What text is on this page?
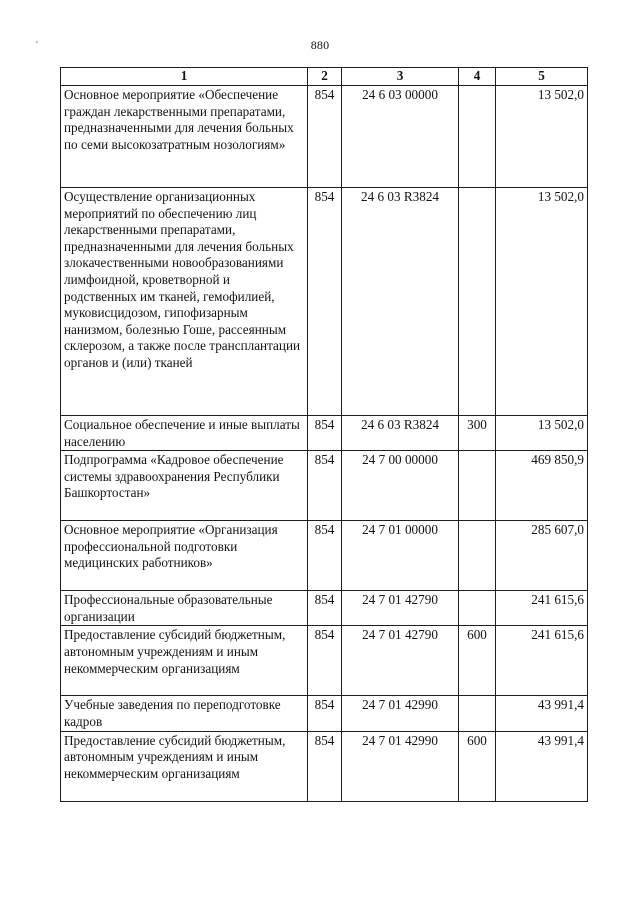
880
'
1	2	3	4	5
Основное мероприятие «Обеспечение граждан лекарственными препаратами, предназначенными для лечения больных по семи высокозатратным нозологиям»	854	24 6 03 00000		13 502,0
Осуществление организационных мероприятий по обеспечению лиц лекарственными препаратами, предназначенными для лечения больных злокачественными новообразованиями лимфоидной, кроветворной и родственных им тканей, гемофилией, муковисцидозом, гипофизарным нанизмом, болезнью Гоше, рассеянным склерозом, а также после трансплантации органов и (или) тканей	854	24 6 03 R3824		13 502,0
Социальное обеспечение и иные выплаты населению	854	24 6 03 R3824	300	13 502,0
Подпрограмма «Кадровое обеспечение системы здравоохранения Республики Башкортостан»	854	24 7 00 00000		469 850,9
Основное мероприятие «Организация профессиональной подготовки медицинских работников»	854	24 7 01 00000		285 607,0
Профессиональные образовательные организации	854	24 7 01 42790		241 615,6
Предоставление субсидий бюджетным, автономным учреждениям и иным некоммерческим организациям	854	24 7 01 42790	600	241 615,6
Учебные заведения по переподготовке кадров	854	24 7 01 42990		43 991,4
Предоставление субсидий бюджетным, автономным учреждениям и иным некоммерческим организациям	854	24 7 01 42990	600	43 991,4
